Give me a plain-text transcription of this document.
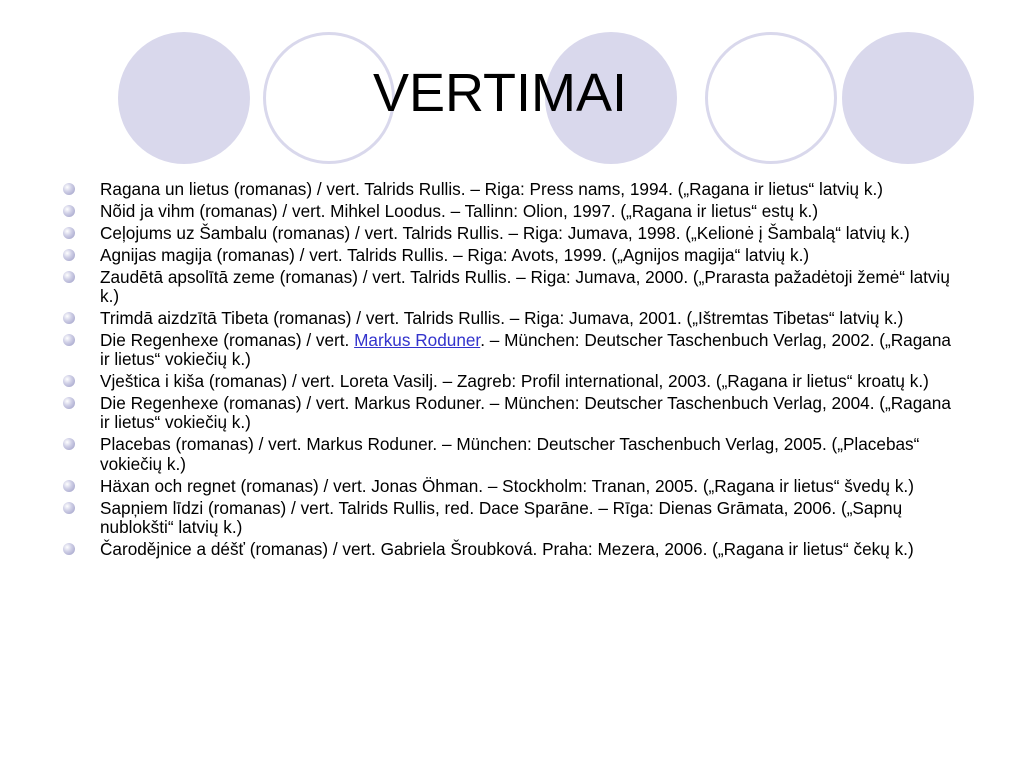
VERTIMAI
Ragana un lietus (romanas) / vert. Talrids Rullis. – Riga: Press nams, 1994. („Ragana ir lietus“ latvių k.)
Nõid ja vihm (romanas) / vert. Mihkel Loodus. – Tallinn: Olion, 1997. („Ragana ir lietus“ estų k.)
Ceļojums uz Šambalu (romanas) / vert. Talrids Rullis. – Riga: Jumava, 1998. („Kelionė į Šambalą“ latvių k.)
Agnijas magija (romanas) / vert. Talrids Rullis. – Riga: Avots, 1999. („Agnijos magija“ latvių k.)
Zaudētā apsolītā zeme (romanas) / vert. Talrids Rullis. – Riga: Jumava, 2000. („Prarasta pažadėtoji žemė“ latvių k.)
Trimdā aizdzītā Tibeta (romanas) / vert. Talrids Rullis. – Riga: Jumava, 2001. („Ištremtas Tibetas“ latvių k.)
Die Regenhexe (romanas) / vert. Markus Roduner. – München: Deutscher Taschenbuch Verlag, 2002. („Ragana ir lietus“ vokiečių k.)
Vještica i kiša (romanas) / vert. Loreta Vasilj. – Zagreb: Profil international, 2003. („Ragana ir lietus“ kroatų k.)
Die Regenhexe (romanas) / vert. Markus Roduner. – München: Deutscher Taschenbuch Verlag, 2004. („Ragana ir lietus“ vokiečių k.)
Placebas (romanas) / vert. Markus Roduner. – München: Deutscher Taschenbuch Verlag, 2005. („Placebas“ vokiečių k.)
Häxan och regnet (romanas) / vert. Jonas Öhman. – Stockholm: Tranan, 2005. („Ragana ir lietus“ švedų k.)
Sapņiem līdzi (romanas) / vert. Talrids Rullis, red. Dace Sparāne. – Rīga: Dienas Grāmata, 2006. („Sapnų nublokšti“ latvių k.)
Čarodějnice a déšť (romanas) / vert. Gabriela Šroubková. Praha: Mezera, 2006. („Ragana ir lietus“ čekų k.)
